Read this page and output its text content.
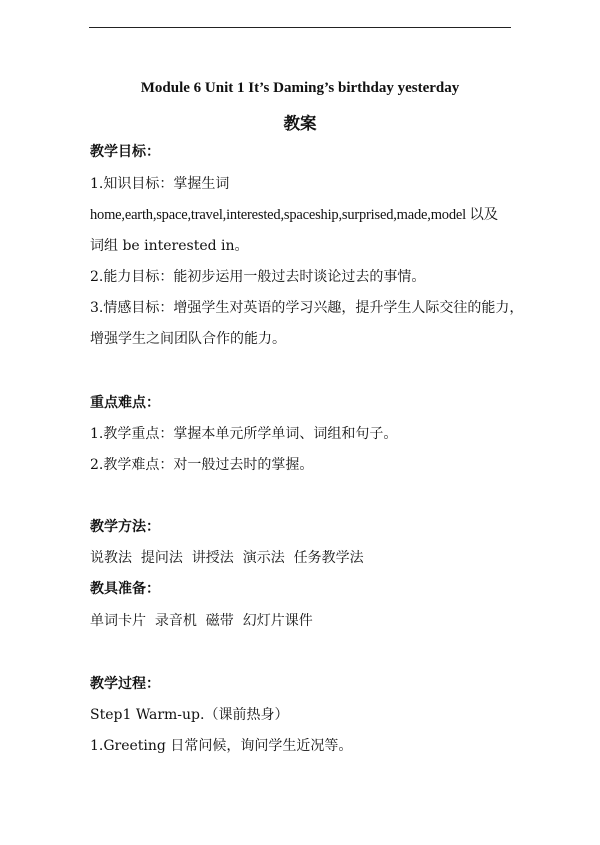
Module 6 Unit 1 It’s Daming’s birthday yesterday
教案
教学目标：
1.知识目标：掌握生词
home,earth,space,travel,interested,spaceship,surprised,made,model 以及
词组 be interested in。
2.能力目标：能初步运用一般过去时谈论过去的事情。
3.情感目标：增强学生对英语的学习兴趣，提升学生人际交往的能力，
增强学生之间团队合作的能力。
重点难点：
1.教学重点：掌握本单元所学单词、词组和句子。
2.教学难点：对一般过去时的掌握。
教学方法：
说教法  提问法  讲授法  演示法  任务教学法
教具准备：
单词卡片  录音机  磁带  幻灯片课件
教学过程：
Step1 Warm-up.（课前热身）
1.Greeting 日常问候，询问学生近况等。
